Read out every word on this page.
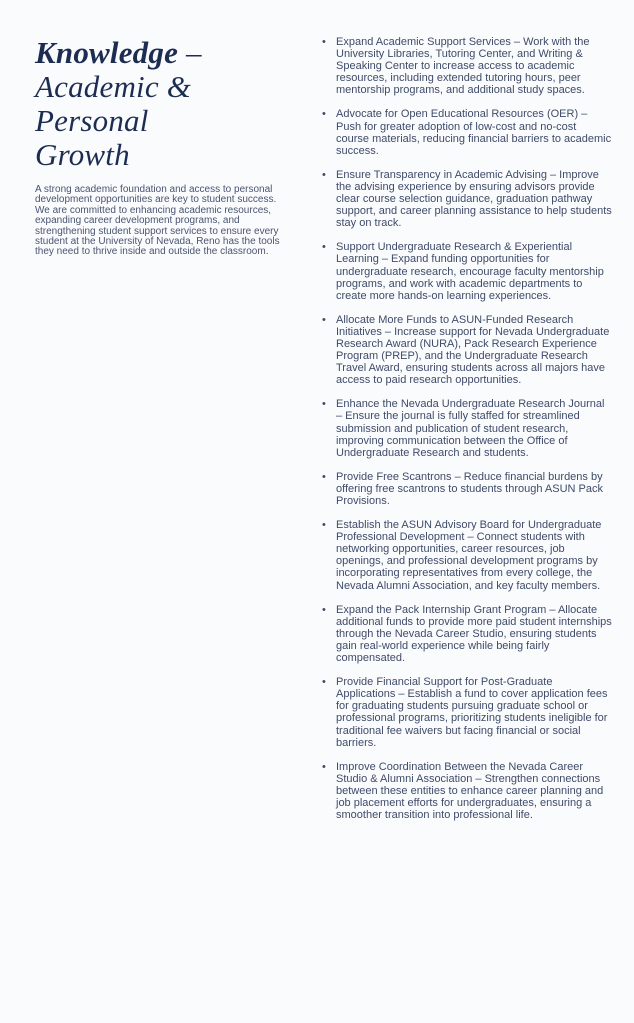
Knowledge – Academic & Personal Growth

A strong academic foundation and access to personal development opportunities are key to student success. We are committed to enhancing academic resources, expanding career development programs, and strengthening student support services to ensure every student at the University of Nevada, Reno has the tools they need to thrive inside and outside the classroom.

• Expand Academic Support Services – Work with the University Libraries, Tutoring Center, and Writing & Speaking Center to increase access to academic resources, including extended tutoring hours, peer mentorship programs, and additional study spaces.
• Advocate for Open Educational Resources (OER) – Push for greater adoption of low-cost and no-cost course materials, reducing financial barriers to academic success.
• Ensure Transparency in Academic Advising – Improve the advising experience by ensuring advisors provide clear course selection guidance, graduation pathway support, and career planning assistance to help students stay on track.
• Support Undergraduate Research & Experiential Learning – Expand funding opportunities for undergraduate research, encourage faculty mentorship programs, and work with academic departments to create more hands-on learning experiences.
• Allocate More Funds to ASUN-Funded Research Initiatives – Increase support for Nevada Undergraduate Research Award (NURA), Pack Research Experience Program (PREP), and the Undergraduate Research Travel Award, ensuring students across all majors have access to paid research opportunities.
• Enhance the Nevada Undergraduate Research Journal – Ensure the journal is fully staffed for streamlined submission and publication of student research, improving communication between the Office of Undergraduate Research and students.
• Provide Free Scantrons – Reduce financial burdens by offering free scantrons to students through ASUN Pack Provisions.
• Establish the ASUN Advisory Board for Undergraduate Professional Development – Connect students with networking opportunities, career resources, job openings, and professional development programs by incorporating representatives from every college, the Nevada Alumni Association, and key faculty members.
• Expand the Pack Internship Grant Program – Allocate additional funds to provide more paid student internships through the Nevada Career Studio, ensuring students gain real-world experience while being fairly compensated.
• Provide Financial Support for Post-Graduate Applications – Establish a fund to cover application fees for graduating students pursuing graduate school or professional programs, prioritizing students ineligible for traditional fee waivers but facing financial or social barriers.
• Improve Coordination Between the Nevada Career Studio & Alumni Association – Strengthen connections between these entities to enhance career planning and job placement efforts for undergraduates, ensuring a smoother transition into professional life.
